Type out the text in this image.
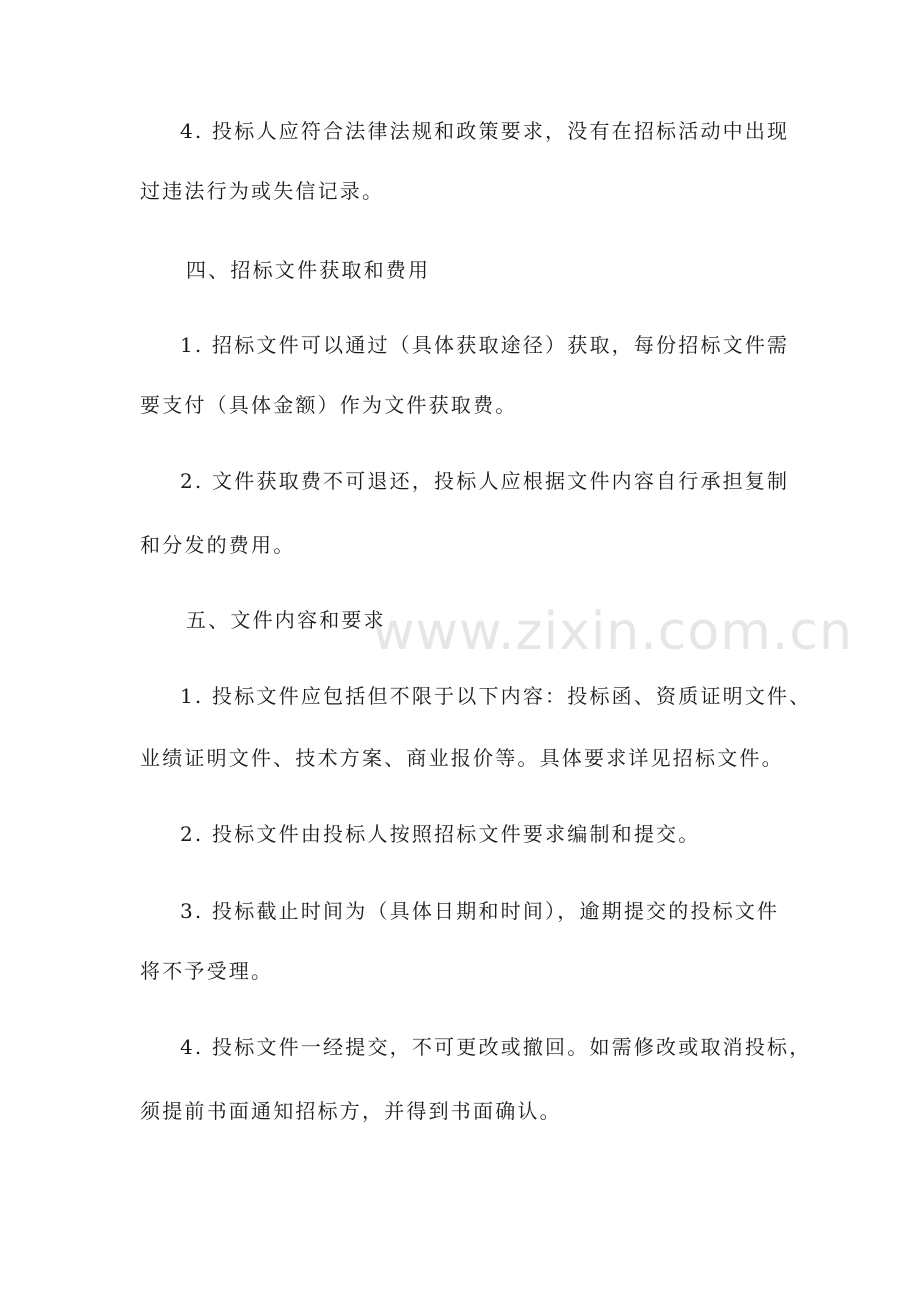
www.zixin.com.cn
4. 投标人应符合法律法规和政策要求，没有在招标活动中出现
过违法行为或失信记录。
四、招标文件获取和费用
1. 招标文件可以通过（具体获取途径）获取，每份招标文件需
要支付（具体金额）作为文件获取费。
2. 文件获取费不可退还，投标人应根据文件内容自行承担复制
和分发的费用。
五、文件内容和要求
1. 投标文件应包括但不限于以下内容：投标函、资质证明文件、
业绩证明文件、技术方案、商业报价等。具体要求详见招标文件。
2. 投标文件由投标人按照招标文件要求编制和提交。
3. 投标截止时间为（具体日期和时间），逾期提交的投标文件
将不予受理。
4. 投标文件一经提交，不可更改或撤回。如需修改或取消投标，
须提前书面通知招标方，并得到书面确认。
